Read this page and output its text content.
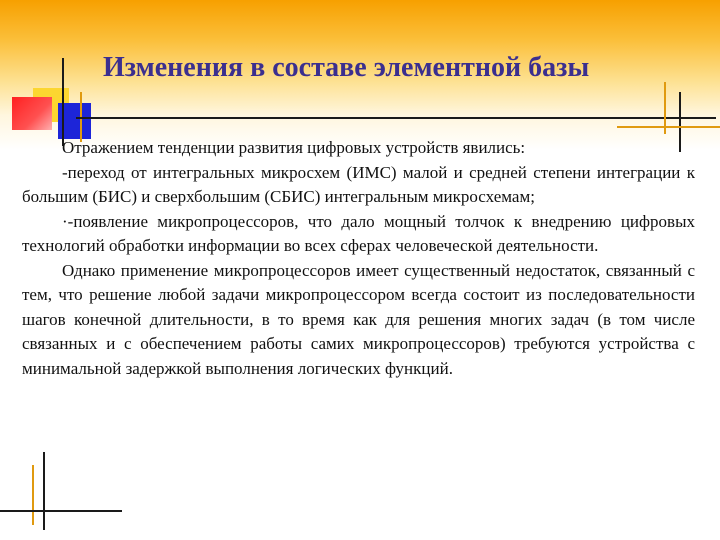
Изменения в составе элементной базы

Отражением тенденции развития цифровых устройств явились:

-переход от интегральных микросхем (ИМС) малой и средней степени интеграции к большим (БИС) и сверхбольшим (СБИС) интегральным микросхемам;

·-появление микропроцессоров, что дало мощный толчок к внедрению цифровых технологий обработки информации во всех сферах человеческой деятельности.

Однако применение микропроцессоров имеет существенный недостаток, связанный с тем, что решение любой задачи микропроцессором всегда состоит из последовательности шагов конечной длительности, в то время как для решения многих задач (в том числе связанных и с обеспечением работы самих микропроцессоров) требуются устройства с минимальной задержкой выполнения логических функций.
